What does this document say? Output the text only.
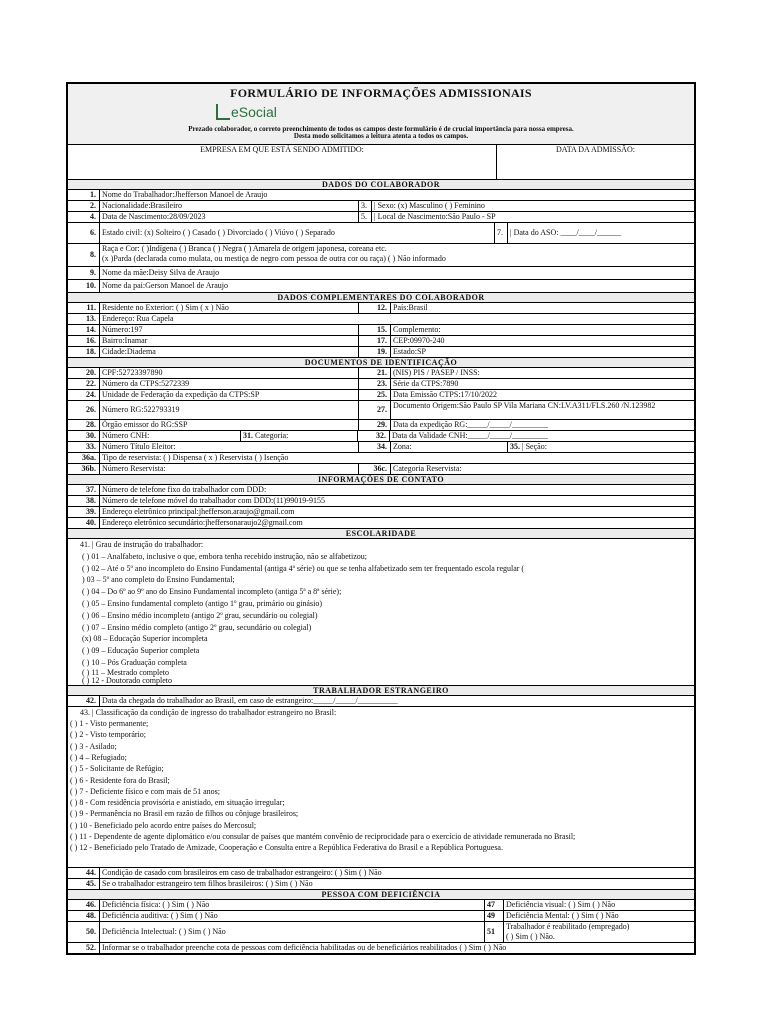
FORMULÁRIO DE INFORMAÇÕES ADMISSIONAIS
eSocial
Prezado colaborador, o correto preenchimento de todos os campos deste formulário é de crucial importância para nossa empresa.
Desta modo solicitamos a leitura atenta a todos os campos.
EMPRESA EM QUE ESTÁ SENDO ADMITIDO:	DATA DA ADMISSÃO:
DADOS DO COLABORADOR
1. Nome do Trabalhador:Jhefferson Manoel de Araujo
2. Nacionalidade:Brasileiro	3. | Sexo: (x) Masculino ( ) Feminino
4. Data de Nascimento:28/09/2023	5. | Local de Nascimento:São Paulo - SP
6. Estado civil: (x) Solteiro ( ) Casado ( ) Divorciado ( ) Viúvo ( ) Separado	7. | Data do ASO: ____/____/______
8.
Raça e Cor: ( )Indígena ( ) Branca ( ) Negra ( ) Amarela de origem japonesa, coreana etc.
(x )Parda (declarada como mulata, ou mestiça de negro com pessoa de outra cor ou raça) ( ) Não informado
9. Nome da mãe:Deisy Silva de Araujo
10. Nome da pai:Gerson Manoel de Araujo
DADOS COMPLEMENTARES DO COLABORADOR
11. Residente no Exterior: ( ) Sim ( x ) Não	12. País:Brasil
13. Endereço: Rua Capela
14. Número:197	15. Complemento:
16. Bairro:Inamar	17. CEP:09970-240
18. Cidade:Diadema	19. Estado:SP
DOCUMENTOS DE IDENTIFICAÇÃO
20. CPF:52723397890	21. (NIS) PIS / PASEP / INSS:
22. Número da CTPS:5272339	23. Série da CTPS:7890
24. Unidade de Federação da expedição da CTPS:SP	25. Data Emissão CTPS:17/10/2022
26. Número RG:522793319	27. Documento Origem:São Paulo SP Vila Mariana CN:LV.A311/FLS.260 /N.123982
28. Órgão emissor do RG:SSP	29. Data da expedição RG:_____/_____/_________
30. Número CNH:	31. Categoria:	32. Data da Validade CNH:_____/_____/_________
33. Número Título Eleitor:	34. Zona:	35. | Seção:
36a. Tipo de reservista: ( ) Dispensa ( x ) Reservista ( ) Isenção
36b. Número Reservista:	36c. Categoria Reservista:
INFORMAÇÕES DE CONTATO
37. Número de telefone fixo do trabalhador com DDD:
38. Número de telefone móvel do trabalhador com DDD:(11)99019-9155
39. Endereço eletrônico principal:jhefferson.araujo@gmail.com
40. Endereço eletrônico secundário:jheffersonaraujo2@gmail.com
ESCOLARIDADE
41. | Grau de instrução do trabalhador:
( ) 01 – Analfabeto, inclusive o que, embora tenha recebido instrução, não se alfabetizou;
( ) 02 – Até o 5º ano incompleto do Ensino Fundamental (antiga 4ª série) ou que se tenha alfabetizado sem ter frequentado escola regular (
) 03 – 5º ano completo do Ensino Fundamental;
( ) 04 – Do 6º ao 9º ano do Ensino Fundamental incompleto (antiga 5ª a 8ª série);
( ) 05 – Ensino fundamental completo (antigo 1º grau, primário ou ginásio)
( ) 06 – Ensino médio incompleto (antigo 2º grau, secundário ou colegial)
( ) 07 – Ensino médio completo (antigo 2º grau, secundário ou colegial)
(x) 08 – Educação Superior incompleta
( ) 09 – Educação Superior completa
( ) 10 – Pós Graduação completa
( ) 11 – Mestrado completo
( ) 12 - Doutorado completo
TRABALHADOR ESTRANGEIRO
42. Data da chegada do trabalhador ao Brasil, em caso de estrangeiro:_____/_____/__________
43. | Classificação da condição de ingresso do trabalhador estrangeiro no Brasil:
( ) 1 - Visto permanente;
( ) 2 - Visto temporário;
( ) 3 - Asilado;
( ) 4 – Refugiado;
( ) 5 - Solicitante de Refúgio;
( ) 6 - Residente fora do Brasil;
( ) 7 - Deficiente físico e com mais de 51 anos;
( ) 8 - Com residência provisória e anistiado, em situação irregular;
( ) 9 - Permanência no Brasil em razão de filhos ou cônjuge brasileiros;
( ) 10 - Beneficiado pelo acordo entre países do Mercosul;
( ) 11 - Dependente de agente diplomático e/ou consular de países que mantém convênio de reciprocidade para o exercício de atividade remunerada no Brasil;
( ) 12 - Beneficiado pelo Tratado de Amizade, Cooperação e Consulta entre a República Federativa do Brasil e a República Portuguesa.
44. Condição de casado com brasileiros em caso de trabalhador estrangeiro: ( ) Sim ( ) Não
45. Se o trabalhador estrangeiro tem filhos brasileiros: ( ) Sim ( ) Não
PESSOA COM DEFICIÊNCIA
46. Deficiência física: ( ) Sim ( ) Não	47	Deficiência visual: ( ) Sim ( ) Não
48. Deficiência auditiva: ( ) Sim ( ) Não	49	Deficiência Mental: ( ) Sim ( ) Não
50. Deficiência Intelectual: ( ) Sim ( ) Não	51
Trabalhador é reabilitado (empregado)
( ) Sim ( ) Não.
52. Informar se o trabalhador preenche cota de pessoas com deficiência habilitadas ou de beneficiários reabilitados ( ) Sim ( ) Não
